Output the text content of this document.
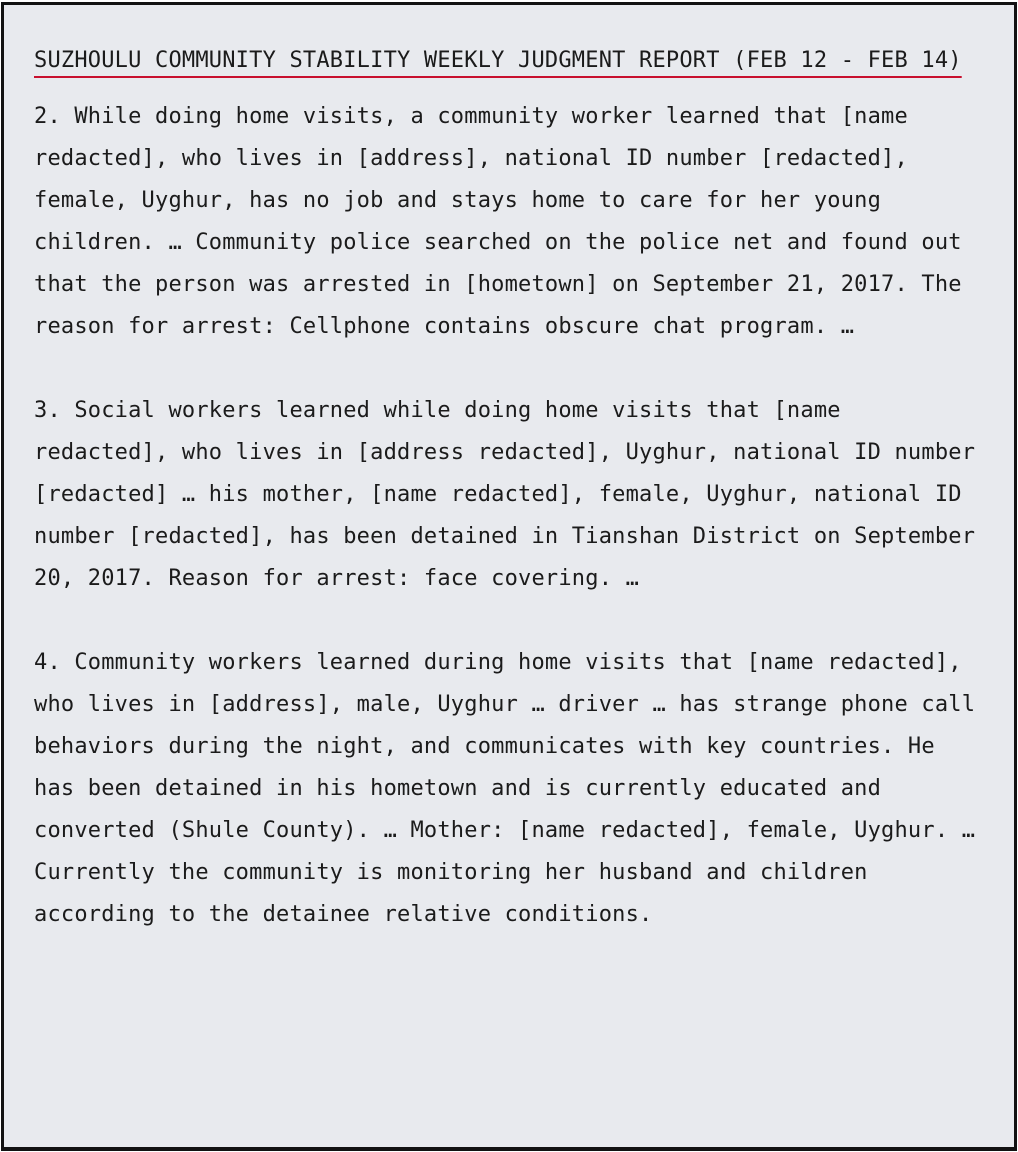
SUZHOULU COMMUNITY STABILITY WEEKLY JUDGMENT REPORT (FEB 12 - FEB 14)

2. While doing home visits, a community worker learned that [name redacted], who lives in [address], national ID number [redacted], female, Uyghur, has no job and stays home to care for her young children. … Community police searched on the police net and found out that the person was arrested in [hometown] on September 21, 2017. The reason for arrest: Cellphone contains obscure chat program. …

3. Social workers learned while doing home visits that [name redacted], who lives in [address redacted], Uyghur, national ID number [redacted] … his mother, [name redacted], female, Uyghur, national ID number [redacted], has been detained in Tianshan District on September 20, 2017. Reason for arrest: face covering. …

4. Community workers learned during home visits that [name redacted], who lives in [address], male, Uyghur … driver … has strange phone call behaviors during the night, and communicates with key countries. He has been detained in his hometown and is currently educated and converted (Shule County). … Mother: [name redacted], female, Uyghur. … Currently the community is monitoring her husband and children according to the detainee relative conditions.
